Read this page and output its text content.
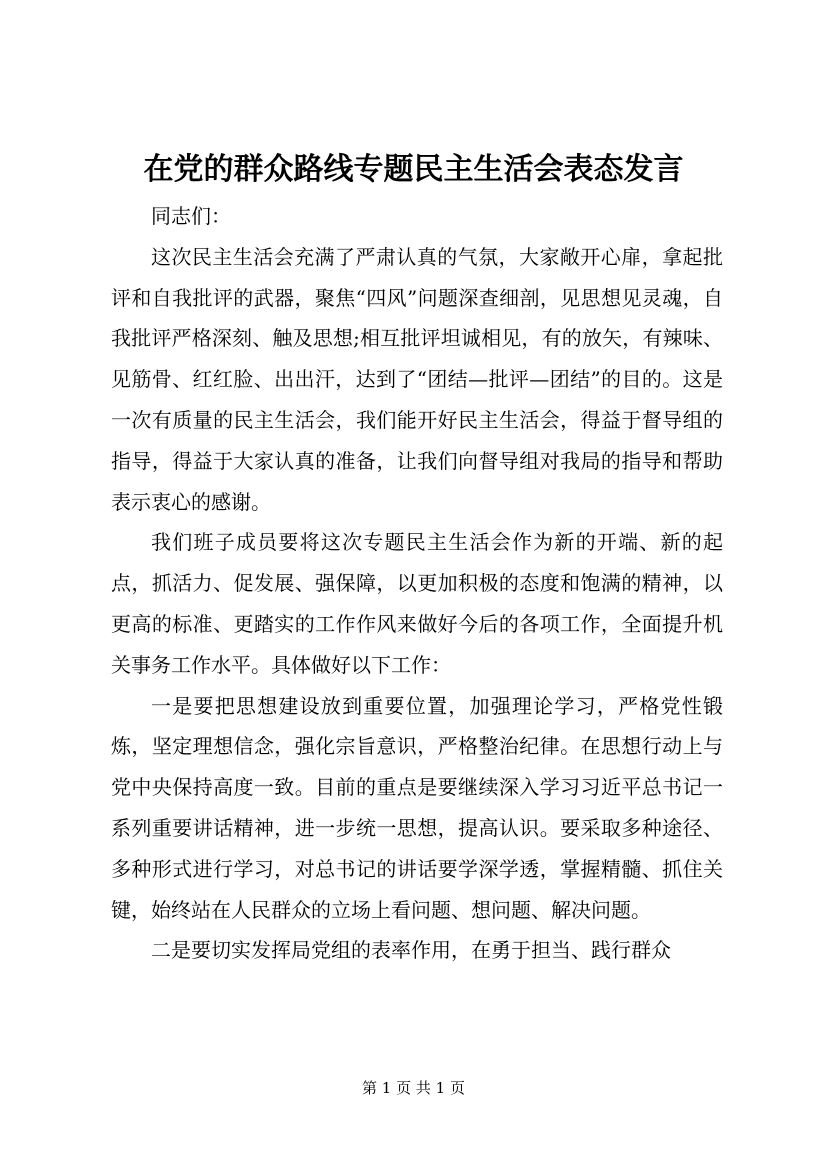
在党的群众路线专题民主生活会表态发言

同志们：

这次民主生活会充满了严肃认真的气氛，大家敞开心扉，拿起批评和自我批评的武器，聚焦“四风”问题深查细剖，见思想见灵魂，自我批评严格深刻、触及思想;相互批评坦诚相见，有的放矢，有辣味、见筋骨、红红脸、出出汗，达到了“团结—批评—团结”的目的。这是一次有质量的民主生活会，我们能开好民主生活会，得益于督导组的指导，得益于大家认真的准备，让我们向督导组对我局的指导和帮助表示衷心的感谢。

我们班子成员要将这次专题民主生活会作为新的开端、新的起点，抓活力、促发展、强保障，以更加积极的态度和饱满的精神，以更高的标准、更踏实的工作作风来做好今后的各项工作，全面提升机关事务工作水平。具体做好以下工作：

一是要把思想建设放到重要位置，加强理论学习，严格党性锻炼，坚定理想信念，强化宗旨意识，严格整治纪律。在思想行动上与党中央保持高度一致。目前的重点是要继续深入学习习近平总书记一系列重要讲话精神，进一步统一思想，提高认识。要采取多种途径、多种形式进行学习，对总书记的讲话要学深学透，掌握精髓、抓住关键，始终站在人民群众的立场上看问题、想问题、解决问题。

二是要切实发挥局党组的表率作用，在勇于担当、践行群众

第 1 页 共 1 页
